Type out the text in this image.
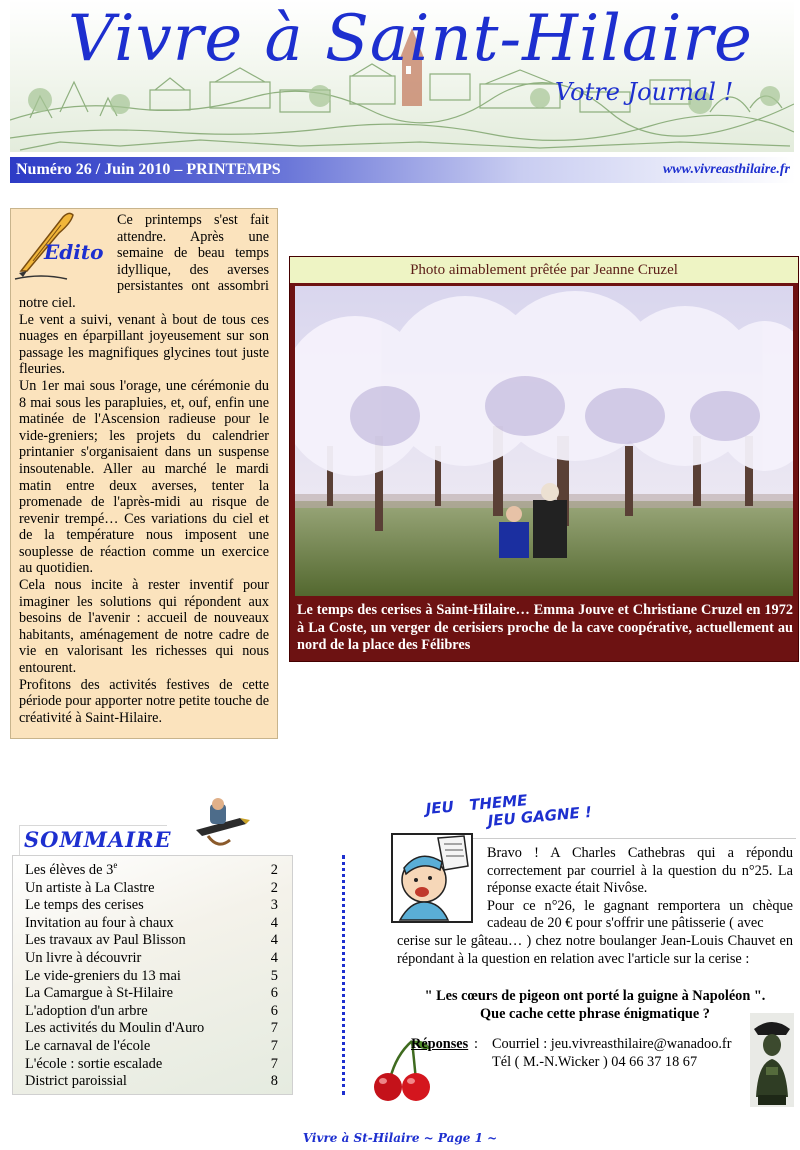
Vivre à Saint-Hilaire
Votre Journal !
Numéro 26 / Juin 2010 – PRINTEMPS	www.vivreasthilaire.fr
Edito

Ce printemps s'est fait attendre. Après une semaine de beau temps idyllique, des averses persistantes ont assombri notre ciel.

Le vent a suivi, venant à bout de tous ces nuages en éparpillant joyeusement sur son passage les magnifiques glycines tout juste fleuries.

Un 1er mai sous l'orage, une cérémonie du 8 mai sous les parapluies, et, ouf, enfin une matinée de l'Ascension radieuse pour le vide-greniers; les projets du calendrier printanier s'organisaient dans un suspense insoutenable. Aller au marché le mardi matin entre deux averses, tenter la promenade de l'après-midi au risque de revenir trempé… Ces variations du ciel et de la température nous imposent une souplesse de réaction comme un exercice au quotidien.

Cela nous incite à rester inventif pour imaginer les solutions qui répondent aux besoins de l'avenir : accueil de nouveaux habitants, aménagement de notre cadre de vie en valorisant les richesses qui nous entourent.

Profitons des activités festives de cette période pour apporter notre petite touche de créativité à Saint-Hilaire.

Photo aimablement prêtée par Jeanne Cruzel
Le temps des cerises à Saint-Hilaire… Emma Jouve et Christiane Cruzel en 1972 à La Coste, un verger de cerisiers proche de la cave coopérative, actuellement au nord de la place des Félibres
SOMMAIRE
Les élèves de 3e	2
Un artiste à La Clastre	2
Le temps des cerises	3
Invitation au four à chaux	4
Les travaux av Paul Blisson	4
Un livre à découvrir	4
Le vide-greniers du 13 mai	5
La Camargue à St-Hilaire	6
L'adoption d'un arbre	6
Les activités du Moulin d'Auro	7
Le carnaval de l'école	7
L'école : sortie escalade	7
District paroissial	8
JEU   THEME
JEU GAGNE !

Bravo ! A Charles Cathebras qui a répondu correctement par courriel à la question du n°25. La réponse exacte était Nivôse.

Pour ce n°26, le gagnant remportera un chèque cadeau de 20 € pour s'offrir une pâtisserie ( avec

cerise sur le gâteau… ) chez notre boulanger Jean-Louis Chauvet en répondant à la question en relation avec l'article sur la cerise :

" Les cœurs de pigeon ont porté la guigne à Napoléon ".
Que cache cette phrase énigmatique ?
Réponses : Courriel : jeu.vivreasthilaire@wanadoo.fr
Tél ( M.-N.Wicker ) 04 66 37 18 67
Vivre à St-Hilaire ~ Page 1 ~
